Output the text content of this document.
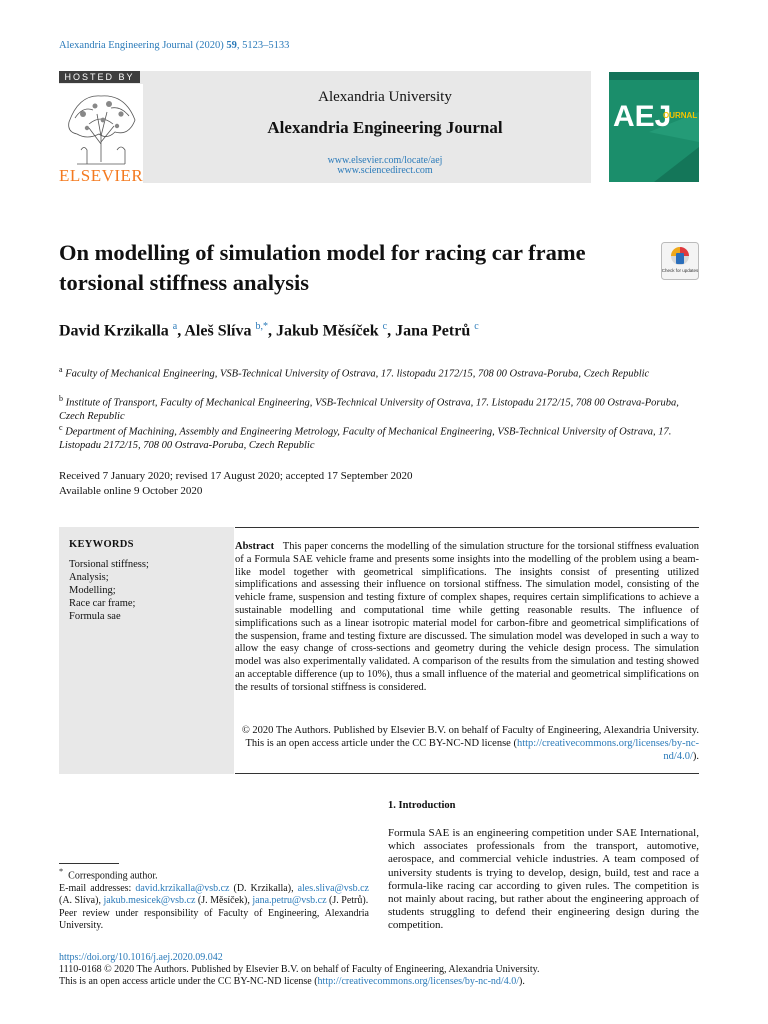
Alexandria Engineering Journal (2020) 59, 5123–5133
HOSTED BY
ELSEVIER
Alexandria University
Alexandria Engineering Journal
www.elsevier.com/locate/aej
www.sciencedirect.com
AEJ
OURNAL
On modelling of simulation model for racing car frame torsional stiffness analysis	Check for updates
David Krzikalla $^a$, Aleš Slíva $^{b,*}$, Jakub Měsíček $^c$, Jana Petrů $^c$
$^a$ Faculty of Mechanical Engineering, VSB-Technical University of Ostrava, 17. listopadu 2172/15, 708 00 Ostrava-Poruba, Czech Republic
$^b$ Institute of Transport, Faculty of Mechanical Engineering, VSB-Technical University of Ostrava, 17. Listopadu 2172/15, 708 00 Ostrava-Poruba, Czech Republic
$^c$ Department of Machining, Assembly and Engineering Metrology, Faculty of Mechanical Engineering, VSB-Technical University of Ostrava, 17. Listopadu 2172/15, 708 00 Ostrava-Poruba, Czech Republic
Received 7 January 2020; revised 17 August 2020; accepted 17 September 2020
Available online 9 October 2020
KEYWORDS
Torsional stiffness;
Analysis;
Modelling;
Race car frame;
Formula sae
Abstract This paper concerns the modelling of the simulation structure for the torsional stiffness evaluation of a Formula SAE vehicle frame and presents some insights into the modelling of the problem using a beam-like model together with geometrical simplifications. The insights consist of presenting utilized simplifications and assessing their influence on torsional stiffness. The simulation model, consisting of the vehicle frame, suspension and testing fixture of complex shapes, requires certain simplifications to achieve a sustainable modelling and computational time while getting reasonable results. The influence of simplifications such as a linear isotropic material model for carbon-fibre and geometrical simplifications of the suspension, frame and testing fixture are discussed. The simulation model was developed in such a way to allow the easy change of cross-sections and geometry during the vehicle design process. The simulation model was also experimentally validated. A comparison of the results from the simulation and testing showed an acceptable difference (up to 10%), thus a small influence of the material and geometrical simplifications on the results of torsional stiffness is considered.
© 2020 The Authors. Published by Elsevier B.V. on behalf of Faculty of Engineering, Alexandria University. This is an open access article under the CC BY-NC-ND license (http://creativecommons.org/licenses/by-nc-nd/4.0/).
1. Introduction
Formula SAE is an engineering competition under SAE International, which associates professionals from the transport, automotive, aerospace, and commercial vehicle industries. A team composed of university students is trying to develop, design, build, test and race a formula-like racing car according to given rules. The competition is not mainly about racing, but rather about the engineering approach of students struggling to defend their engineering design during the competition.
* Corresponding author.
E-mail addresses: david.krzikalla@vsb.cz (D. Krzikalla), ales.sliva@vsb.cz (A. Slíva), jakub.mesicek@vsb.cz (J. Měsíček), jana.petru@vsb.cz (J. Petrů).
Peer review under responsibility of Faculty of Engineering, Alexandria University.
https://doi.org/10.1016/j.aej.2020.09.042
1110-0168 © 2020 The Authors. Published by Elsevier B.V. on behalf of Faculty of Engineering, Alexandria University.
This is an open access article under the CC BY-NC-ND license (http://creativecommons.org/licenses/by-nc-nd/4.0/).
